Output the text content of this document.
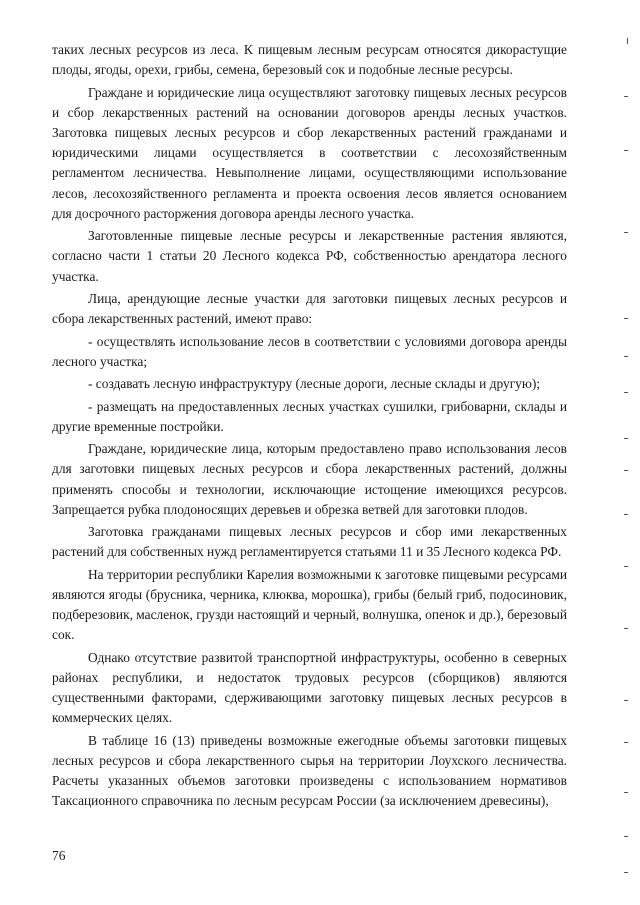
таких лесных ресурсов из леса. К пищевым лесным ресурсам относятся дикорастущие плоды, ягоды, орехи, грибы, семена, березовый сок и подобные лесные ресурсы.

Граждане и юридические лица осуществляют заготовку пищевых лесных ресурсов и сбор лекарственных растений на основании договоров аренды лесных участков. Заготовка пищевых лесных ресурсов и сбор лекарственных растений гражданами и юридическими лицами осуществляется в соответствии с лесохозяйственным регламентом лесничества. Невыполнение лицами, осуществляющими использование лесов, лесохозяйственного регламента и проекта освоения лесов является основанием для досрочного расторжения договора аренды лесного участка.

Заготовленные пищевые лесные ресурсы и лекарственные растения являются, согласно части 1 статьи 20 Лесного кодекса РФ, собственностью арендатора лесного участка.

Лица, арендующие лесные участки для заготовки пищевых лесных ресурсов и сбора лекарственных растений, имеют право:

- осуществлять использование лесов в соответствии с условиями договора аренды лесного участка;

- создавать лесную инфраструктуру (лесные дороги, лесные склады и другую);

- размещать на предоставленных лесных участках сушилки, грибоварни, склады и другие временные постройки.

Граждане, юридические лица, которым предоставлено право использования лесов для заготовки пищевых лесных ресурсов и сбора лекарственных растений, должны применять способы и технологии, исключающие истощение имеющихся ресурсов. Запрещается рубка плодоносящих деревьев и обрезка ветвей для заготовки плодов.

Заготовка гражданами пищевых лесных ресурсов и сбор ими лекарственных растений для собственных нужд регламентируется статьями 11 и 35 Лесного кодекса РФ.

На территории республики Карелия возможными к заготовке пищевыми ресурсами являются ягоды (брусника, черника, клюква, морошка), грибы (белый гриб, подосиновик, подберезовик, масленок, грузди настоящий и черный, волнушка, опенок и др.), березовый сок.

Однако отсутствие развитой транспортной инфраструктуры, особенно в северных районах республики, и недостаток трудовых ресурсов (сборщиков) являются существенными факторами, сдерживающими заготовку пищевых лесных ресурсов в коммерческих целях.

В таблице 16 (13) приведены возможные ежегодные объемы заготовки пищевых лесных ресурсов и сбора лекарственного сырья на территории Лоухского лесничества. Расчеты указанных объемов заготовки произведены с использованием нормативов Таксационного справочника по лесным ресурсам России (за исключением древесины),

76
